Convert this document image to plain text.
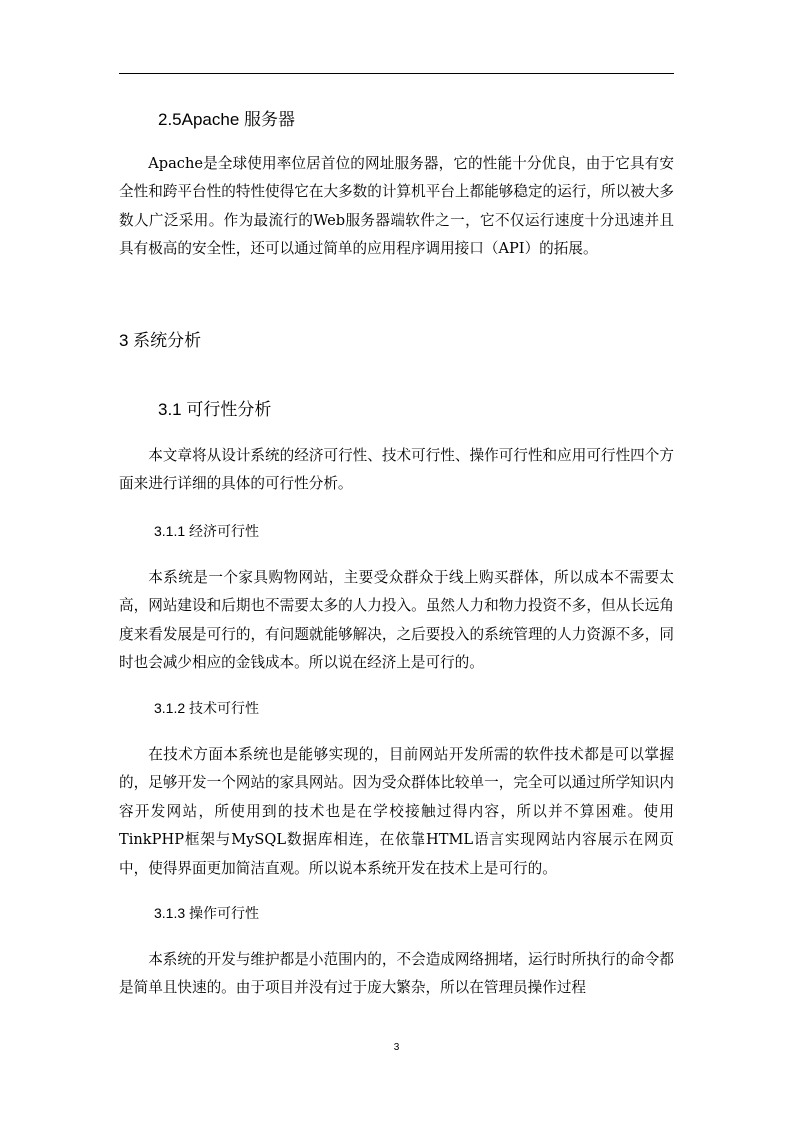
2.5Apache 服务器

Apache是全球使用率位居首位的网址服务器，它的性能十分优良，由于它具有安全性和跨平台性的特性使得它在大多数的计算机平台上都能够稳定的运行，所以被大多数人广泛采用。作为最流行的Web服务器端软件之一，它不仅运行速度十分迅速并且具有极高的安全性，还可以通过简单的应用程序调用接口（API）的拓展。

3 系统分析
3.1 可行性分析

本文章将从设计系统的经济可行性、技术可行性、操作可行性和应用可行性四个方面来进行详细的具体的可行性分析。

3.1.1 经济可行性

本系统是一个家具购物网站，主要受众群众于线上购买群体，所以成本不需要太高，网站建设和后期也不需要太多的人力投入。虽然人力和物力投资不多，但从长远角度来看发展是可行的，有问题就能够解决，之后要投入的系统管理的人力资源不多，同时也会减少相应的金钱成本。所以说在经济上是可行的。

3.1.2 技术可行性

在技术方面本系统也是能够实现的，目前网站开发所需的软件技术都是可以掌握的，足够开发一个网站的家具网站。因为受众群体比较单一，完全可以通过所学知识内容开发网站，所使用到的技术也是在学校接触过得内容，所以并不算困难。使用TinkPHP框架与MySQL数据库相连，在依靠HTML语言实现网站内容展示在网页中，使得界面更加简洁直观。所以说本系统开发在技术上是可行的。

3.1.3 操作可行性

本系统的开发与维护都是小范围内的，不会造成网络拥堵，运行时所执行的命令都是简单且快速的。由于项目并没有过于庞大繁杂，所以在管理员操作过程

3
